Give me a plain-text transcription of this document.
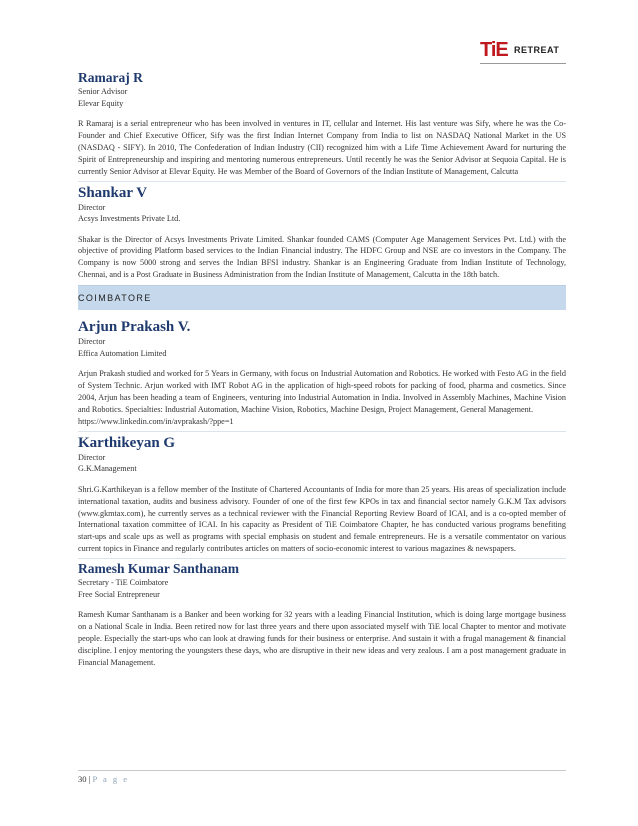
TiE RETREAT

Ramaraj R

Senior Advisor

Elevar Equity

R Ramaraj is a serial entrepreneur who has been involved in ventures in IT, cellular and Internet. His last venture was Sify, where he was the Co-Founder and Chief Executive Officer, Sify was the first Indian Internet Company from India to list on NASDAQ National Market in the US (NASDAQ - SIFY). In 2010, The Confederation of Indian Industry (CII) recognized him with a Life Time Achievement Award for nurturing the Spirit of Entrepreneurship and inspiring and mentoring numerous entrepreneurs. Until recently he was the Senior Advisor at Sequoia Capital. He is currently Senior Advisor at Elevar Equity. He was Member of the Board of Governors of the Indian Institute of Management, Calcutta

Shankar V

Director

Acsys Investments Private Ltd.

Shakar is the Director of Acsys Investments Private Limited. Shankar founded CAMS (Computer Age Management Services Pvt. Ltd.) with the objective of providing Platform based services to the Indian Financial industry. The HDFC Group and NSE are co investors in the Company. The Company is now 5000 strong and serves the Indian BFSI industry. Shankar is an Engineering Graduate from Indian Institute of Technology, Chennai, and is a Post Graduate in Business Administration from the Indian Institute of Management, Calcutta in the 18th batch.

COIMBATORE

Arjun Prakash V.

Director

Effica Automation Limited

Arjun Prakash studied and worked for 5 Years in Germany, with focus on Industrial Automation and Robotics. He worked with Festo AG in the field of System Technic. Arjun worked with IMT Robot AG in the application of high-speed robots for packing of food, pharma and cosmetics. Since 2004, Arjun has been heading a team of Engineers, venturing into Industrial Automation in India. Involved in Assembly Machines, Machine Vision and Robotics. Specialties: Industrial Automation, Machine Vision, Robotics, Machine Design, Project Management, General Management.

https://www.linkedin.com/in/avprakash/?ppe=1

Karthikeyan G

Director

G.K.Management

Shri.G.Karthikeyan is a fellow member of the Institute of Chartered Accountants of India for more than 25 years. His areas of specialization include international taxation, audits and business advisory. Founder of one of the first few KPOs in tax and financial sector namely G.K.M Tax advisors (www.gkmtax.com), he currently serves as a technical reviewer with the Financial Reporting Review Board of ICAI, and is a co-opted member of International taxation committee of ICAI. In his capacity as President of TiE Coimbatore Chapter, he has conducted various programs benefiting start-ups and scale ups as well as programs with special emphasis on student and female entrepreneurs. He is a versatile commentator on various current topics in Finance and regularly contributes articles on matters of socio-economic interest to various magazines & newspapers.

Ramesh Kumar Santhanam

Secretary - TiE Coimbatore

Free Social Entrepreneur

Ramesh Kumar Santhanam is a Banker and been working for 32 years with a leading Financial Institution, which is doing large mortgage business on a National Scale in India. Been retired now for last three years and there upon associated myself with TiE local Chapter to mentor and motivate people. Especially the start-ups who can look at drawing funds for their business or enterprise. And sustain it with a frugal management & financial discipline. I enjoy mentoring the youngsters these days, who are disruptive in their new ideas and very zealous. I am a post management graduate in Financial Management.

30 | P a g e
